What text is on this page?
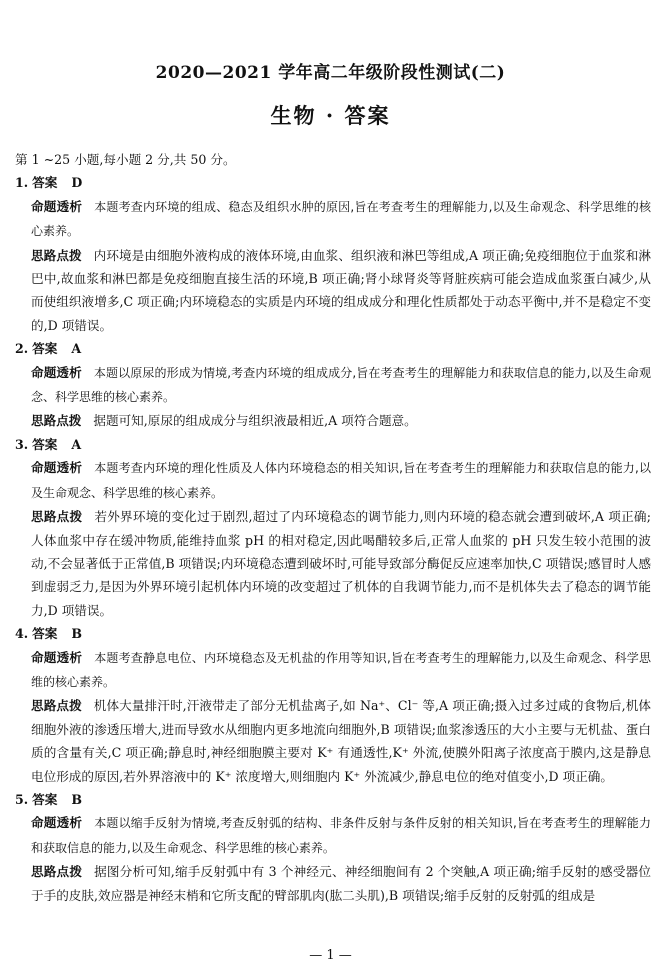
2020—2021 学年高二年级阶段性测试(二)
生物 · 答案

第 1 ~25 小题,每小题 2 分,共 50 分。

1. 答案 D

命题透析 本题考查内环境的组成、稳态及组织水肿的原因,旨在考查考生的理解能力,以及生命观念、科学思维的核心素养。

思路点拨 内环境是由细胞外液构成的液体环境,由血浆、组织液和淋巴等组成,A 项正确;免疫细胞位于血浆和淋巴中,故血浆和淋巴都是免疫细胞直接生活的环境,B 项正确;肾小球肾炎等肾脏疾病可能会造成血浆蛋白减少,从而使组织液增多,C 项正确;内环境稳态的实质是内环境的组成成分和理化性质都处于动态平衡中,并不是稳定不变的,D 项错误。

2. 答案 A

命题透析 本题以原尿的形成为情境,考查内环境的组成成分,旨在考查考生的理解能力和获取信息的能力,以及生命观念、科学思维的核心素养。

思路点拨 据题可知,原尿的组成成分与组织液最相近,A 项符合题意。

3. 答案 A

命题透析 本题考查内环境的理化性质及人体内环境稳态的相关知识,旨在考查考生的理解能力和获取信息的能力,以及生命观念、科学思维的核心素养。

思路点拨 若外界环境的变化过于剧烈,超过了内环境稳态的调节能力,则内环境的稳态就会遭到破坏,A 项正确;人体血浆中存在缓冲物质,能维持血浆 pH 的相对稳定,因此喝醋较多后,正常人血浆的 pH 只发生较小范围的波动,不会显著低于正常值,B 项错误;内环境稳态遭到破坏时,可能导致部分酶促反应速率加快,C 项错误;感冒时人感到虚弱乏力,是因为外界环境引起机体内环境的改变超过了机体的自我调节能力,而不是机体失去了稳态的调节能力,D 项错误。

4. 答案 B

命题透析 本题考查静息电位、内环境稳态及无机盐的作用等知识,旨在考查考生的理解能力,以及生命观念、科学思维的核心素养。

思路点拨 机体大量排汗时,汗液带走了部分无机盐离子,如 Na⁺、Cl⁻ 等,A 项正确;摄入过多过咸的食物后,机体细胞外液的渗透压增大,进而导致水从细胞内更多地流向细胞外,B 项错误;血浆渗透压的大小主要与无机盐、蛋白质的含量有关,C 项正确;静息时,神经细胞膜主要对 K⁺ 有通透性,K⁺ 外流,使膜外阳离子浓度高于膜内,这是静息电位形成的原因,若外界溶液中的 K⁺ 浓度增大,则细胞内 K⁺ 外流减少,静息电位的绝对值变小,D 项正确。

5. 答案 B

命题透析 本题以缩手反射为情境,考查反射弧的结构、非条件反射与条件反射的相关知识,旨在考查考生的理解能力和获取信息的能力,以及生命观念、科学思维的核心素养。

思路点拨 据图分析可知,缩手反射弧中有 3 个神经元、神经细胞间有 2 个突触,A 项正确;缩手反射的感受器位于手的皮肤,效应器是神经末梢和它所支配的臂部肌肉(肱二头肌),B 项错误;缩手反射的反射弧的组成是

— 1 —
